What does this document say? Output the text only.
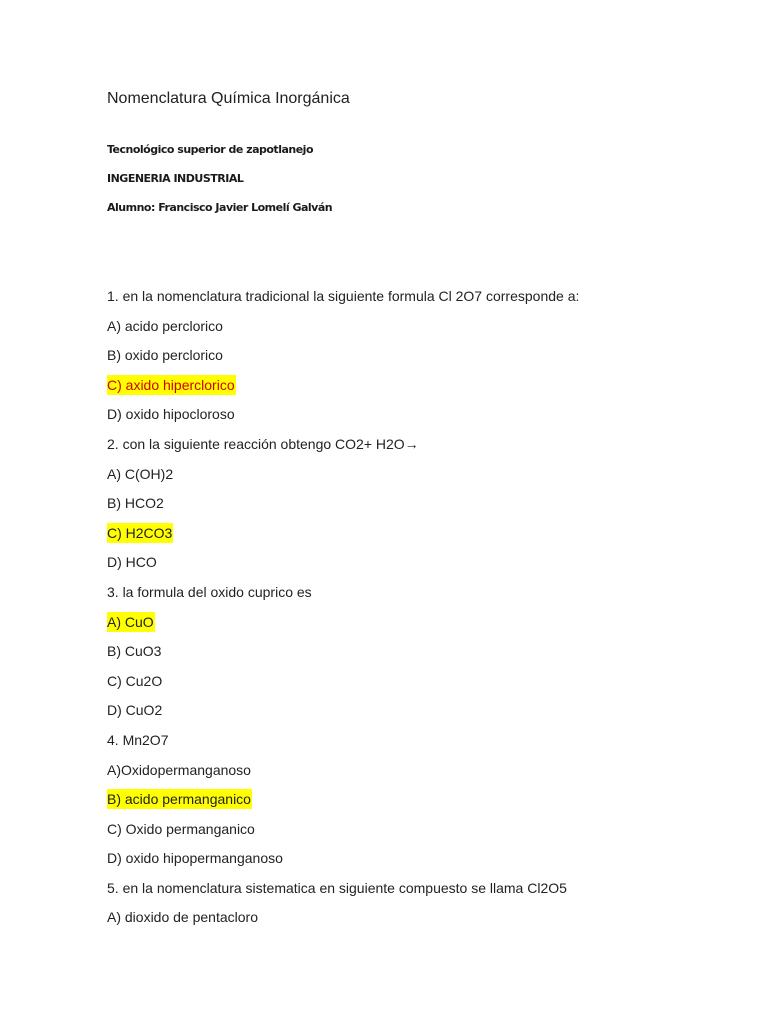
Nomenclatura Química Inorgánica
Tecnológico superior de zapotlanejo
INGENERIA INDUSTRIAL
Alumno: Francisco Javier Lomelí Galván
1. en la nomenclatura tradicional la siguiente formula Cl 2O7 corresponde a:
A) acido perclorico
B) oxido perclorico
C) axido hiperclorico
D) oxido hipocloroso
2. con la siguiente reacción obtengo CO2+ H2O→
A) C(OH)2
B) HCO2
C) H2CO3
D) HCO
3. la formula del oxido cuprico es
A) CuO
B) CuO3
C) Cu2O
D) CuO2
4. Mn2O7
A)Oxidopermanganoso
B) acido permanganico
C) Oxido permanganico
D) oxido hipopermanganoso
5. en la nomenclatura sistematica en siguiente compuesto se llama Cl2O5
A) dioxido de pentacloro
